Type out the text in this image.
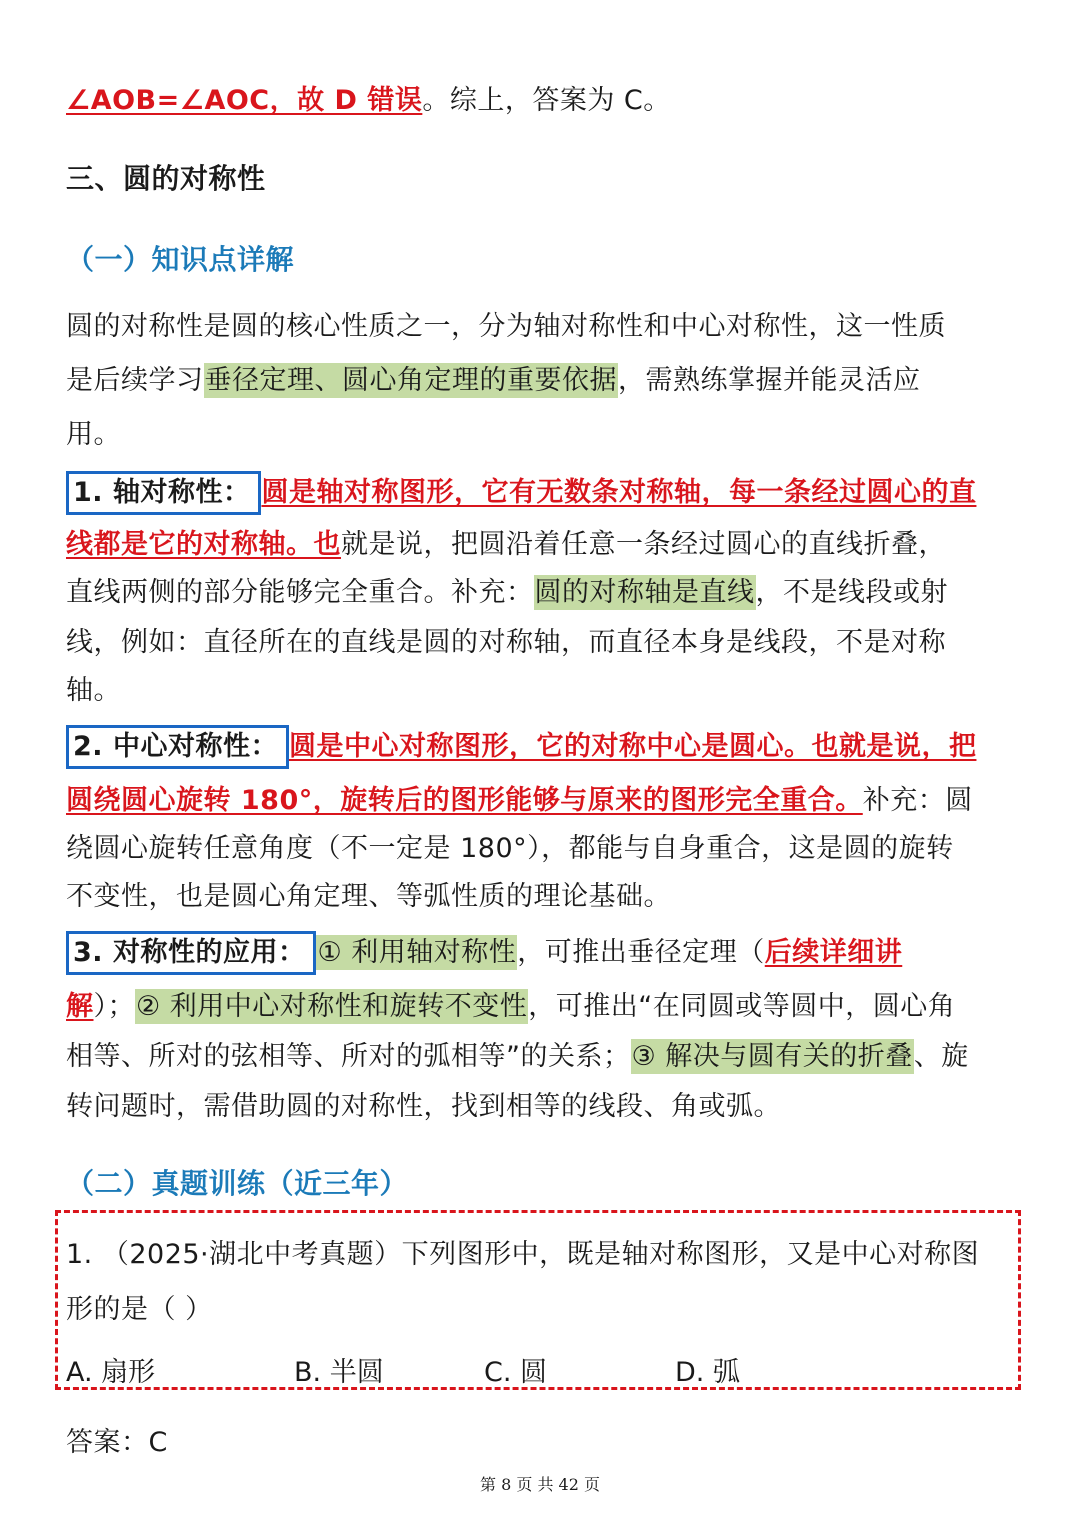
∠AOB=∠AOC，故 D 错误。综上，答案为 C。
三、圆的对称性
（一）知识点详解
圆的对称性是圆的核心性质之一，分为轴对称性和中心对称性，这一性质
是后续学习垂径定理、圆心角定理的重要依据，需熟练掌握并能灵活应
用。
1. 轴对称性： 圆是轴对称图形，它有无数条对称轴，每一条经过圆心的直
线都是它的对称轴。也就是说，把圆沿着任意一条经过圆心的直线折叠，
直线两侧的部分能够完全重合。补充：圆的对称轴是直线，不是线段或射
线，例如：直径所在的直线是圆的对称轴，而直径本身是线段，不是对称
轴。
2. 中心对称性： 圆是中心对称图形，它的对称中心是圆心。也就是说，把
圆绕圆心旋转 180°，旋转后的图形能够与原来的图形完全重合。补充：圆
绕圆心旋转任意角度（不一定是 180°），都能与自身重合，这是圆的旋转
不变性，也是圆心角定理、等弧性质的理论基础。
3. 对称性的应用： ① 利用轴对称性，可推出垂径定理（后续详细讲
解）；② 利用中心对称性和旋转不变性，可推出“在同圆或等圆中，圆心角
相等、所对的弦相等、所对的弧相等”的关系；③ 解决与圆有关的折叠、旋
转问题时，需借助圆的对称性，找到相等的线段、角或弧。
（二）真题训练（近三年）
1. （2025·湖北中考真题）下列图形中，既是轴对称图形，又是中心对称图
形的是（ ）
A. 扇形	B. 半圆	C. 圆	D. 弧
答案：C
第 8 页 共 42 页
